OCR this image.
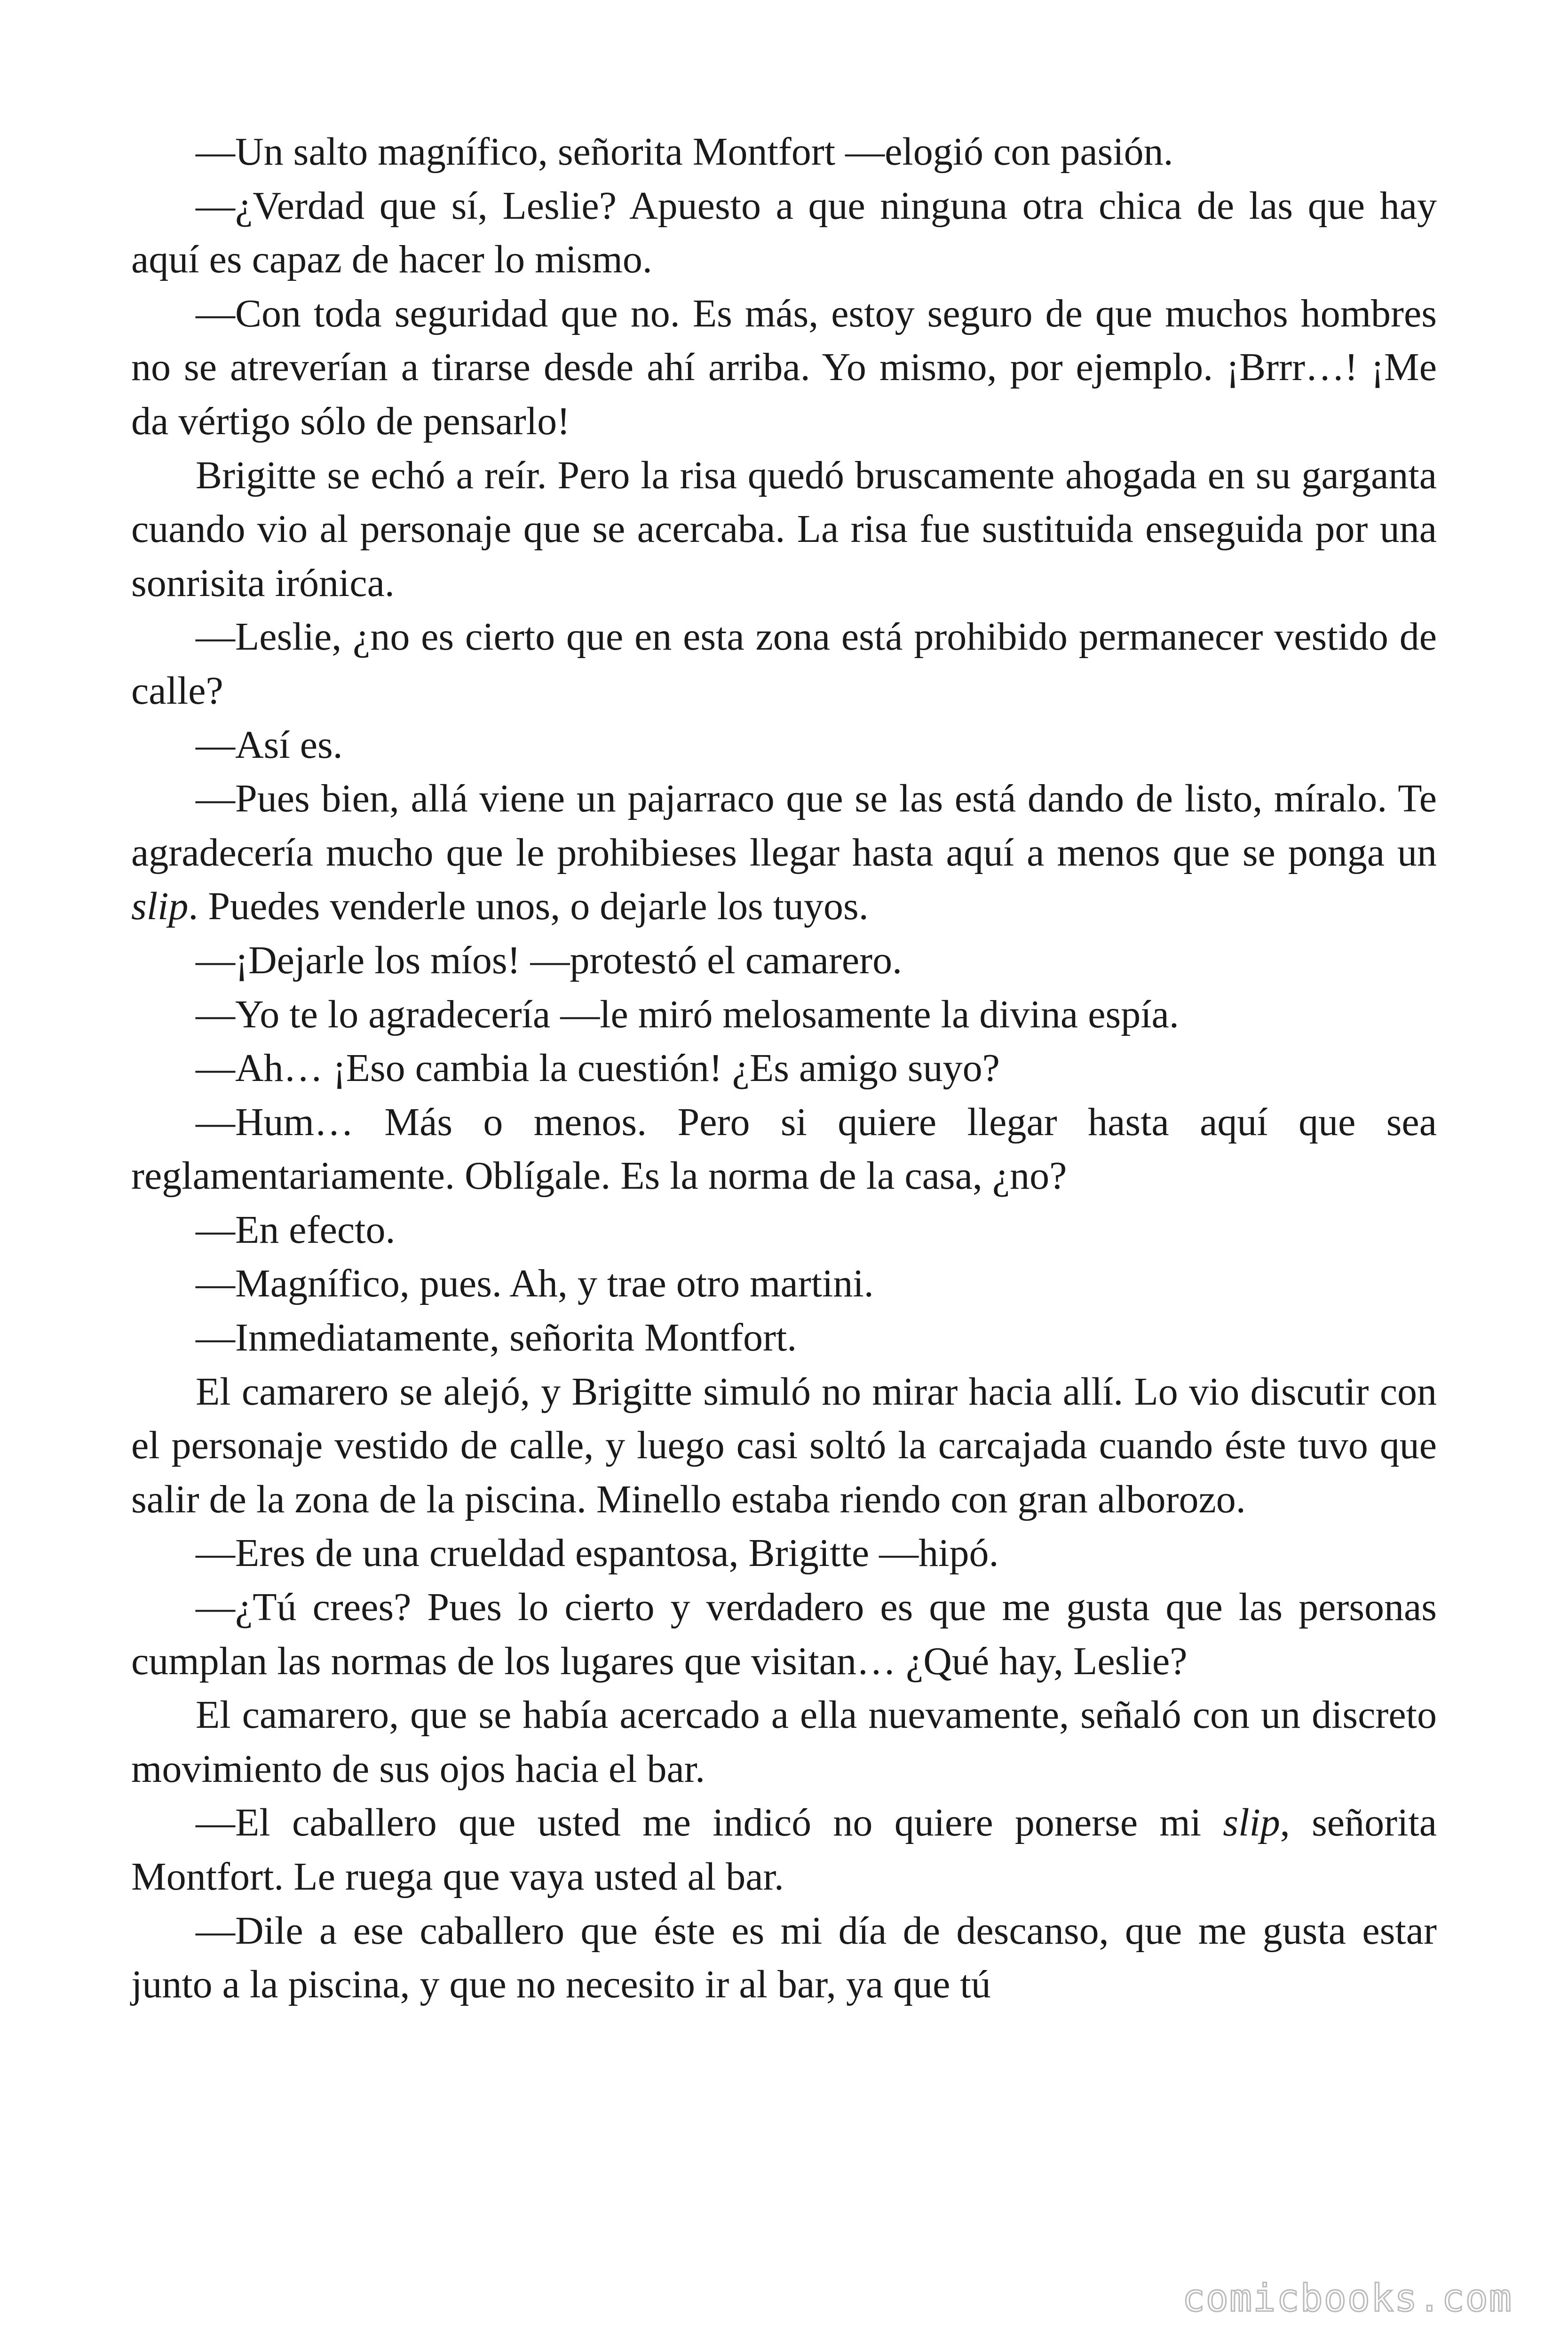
—Un salto magnífico, señorita Montfort —elogió con pasión.

—¿Verdad que sí, Leslie? Apuesto a que ninguna otra chica de las que hay aquí es capaz de hacer lo mismo.

—Con toda seguridad que no. Es más, estoy seguro de que muchos hombres no se atreverían a tirarse desde ahí arriba. Yo mismo, por ejemplo. ¡Brrr…! ¡Me da vértigo sólo de pensarlo!

Brigitte se echó a reír. Pero la risa quedó bruscamente ahogada en su garganta cuando vio al personaje que se acercaba. La risa fue sustituida enseguida por una sonrisita irónica.

—Leslie, ¿no es cierto que en esta zona está prohibido permanecer vestido de calle?

—Así es.

—Pues bien, allá viene un pajarraco que se las está dando de listo, míralo. Te agradecería mucho que le prohibieses llegar hasta aquí a menos que se ponga un slip. Puedes venderle unos, o dejarle los tuyos.

—¡Dejarle los míos! —protestó el camarero.

—Yo te lo agradecería —le miró melosamente la divina espía.

—Ah… ¡Eso cambia la cuestión! ¿Es amigo suyo?

—Hum… Más o menos. Pero si quiere llegar hasta aquí que sea reglamentariamente. Oblígale. Es la norma de la casa, ¿no?

—En efecto.

—Magnífico, pues. Ah, y trae otro martini.

—Inmediatamente, señorita Montfort.

El camarero se alejó, y Brigitte simuló no mirar hacia allí. Lo vio discutir con el personaje vestido de calle, y luego casi soltó la carcajada cuando éste tuvo que salir de la zona de la piscina. Minello estaba riendo con gran alborozo.

—Eres de una crueldad espantosa, Brigitte —hipó.

—¿Tú crees? Pues lo cierto y verdadero es que me gusta que las personas cumplan las normas de los lugares que visitan… ¿Qué hay, Leslie?

El camarero, que se había acercado a ella nuevamente, señaló con un discreto movimiento de sus ojos hacia el bar.

—El caballero que usted me indicó no quiere ponerse mi slip, señorita Montfort. Le ruega que vaya usted al bar.

—Dile a ese caballero que éste es mi día de descanso, que me gusta estar junto a la piscina, y que no necesito ir al bar, ya que tú

comicbooks.com
